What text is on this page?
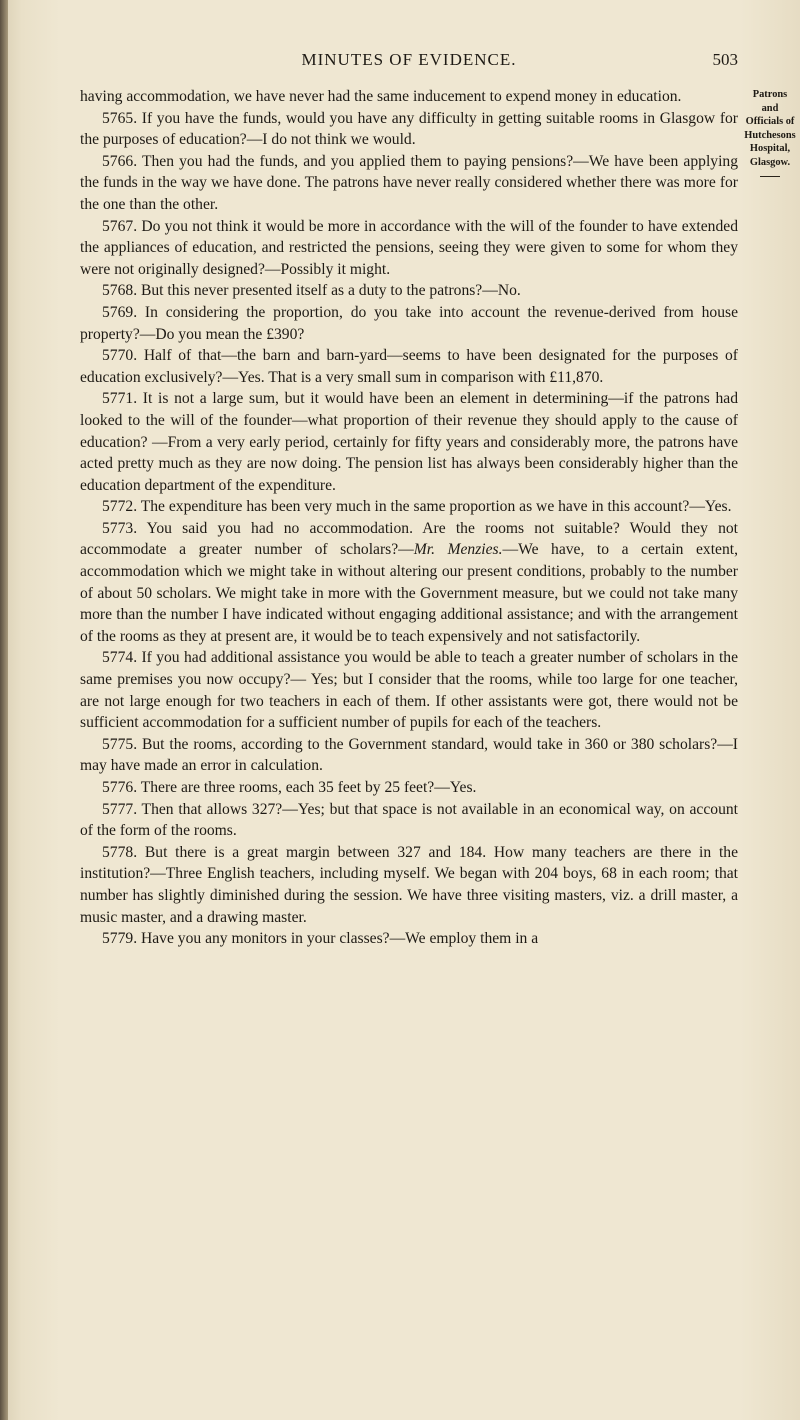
MINUTES OF EVIDENCE.	503
Patrons
and
Officials of
Hutchesons
Hospital,
Glasgow.

having accommodation, we have never had the same inducement to expend money in education.

5765. If you have the funds, would you have any difficulty in getting suitable rooms in Glasgow for the purposes of education?—I do not think we would.

5766. Then you had the funds, and you applied them to paying pensions?—We have been applying the funds in the way we have done. The patrons have never really considered whether there was more for the one than the other.

5767. Do you not think it would be more in accordance with the will of the founder to have extended the appliances of education, and restricted the pensions, seeing they were given to some for whom they were not originally designed?—Possibly it might.

5768. But this never presented itself as a duty to the patrons?—No.

5769. In considering the proportion, do you take into account the revenue-derived from house property?—Do you mean the £390?

5770. Half of that—the barn and barn-yard—seems to have been designated for the purposes of education exclusively?—Yes. That is a very small sum in comparison with £11,870.

5771. It is not a large sum, but it would have been an element in determining—if the patrons had looked to the will of the founder—what proportion of their revenue they should apply to the cause of education? —From a very early period, certainly for fifty years and considerably more, the patrons have acted pretty much as they are now doing. The pension list has always been considerably higher than the education department of the expenditure.

5772. The expenditure has been very much in the same proportion as we have in this account?—Yes.

5773. You said you had no accommodation. Are the rooms not suitable? Would they not accommodate a greater number of scholars?—Mr. Menzies.—We have, to a certain extent, accommodation which we might take in without altering our present conditions, probably to the number of about 50 scholars. We might take in more with the Government measure, but we could not take many more than the number I have indicated without engaging additional assistance; and with the arrangement of the rooms as they at present are, it would be to teach expensively and not satisfactorily.

5774. If you had additional assistance you would be able to teach a greater number of scholars in the same premises you now occupy?— Yes; but I consider that the rooms, while too large for one teacher, are not large enough for two teachers in each of them. If other assistants were got, there would not be sufficient accommodation for a sufficient number of pupils for each of the teachers.

5775. But the rooms, according to the Government standard, would take in 360 or 380 scholars?—I may have made an error in calculation.

5776. There are three rooms, each 35 feet by 25 feet?—Yes.

5777. Then that allows 327?—Yes; but that space is not available in an economical way, on account of the form of the rooms.

5778. But there is a great margin between 327 and 184. How many teachers are there in the institution?—Three English teachers, including myself. We began with 204 boys, 68 in each room; that number has slightly diminished during the session. We have three visiting masters, viz. a drill master, a music master, and a drawing master.

5779. Have you any monitors in your classes?—We employ them in a
